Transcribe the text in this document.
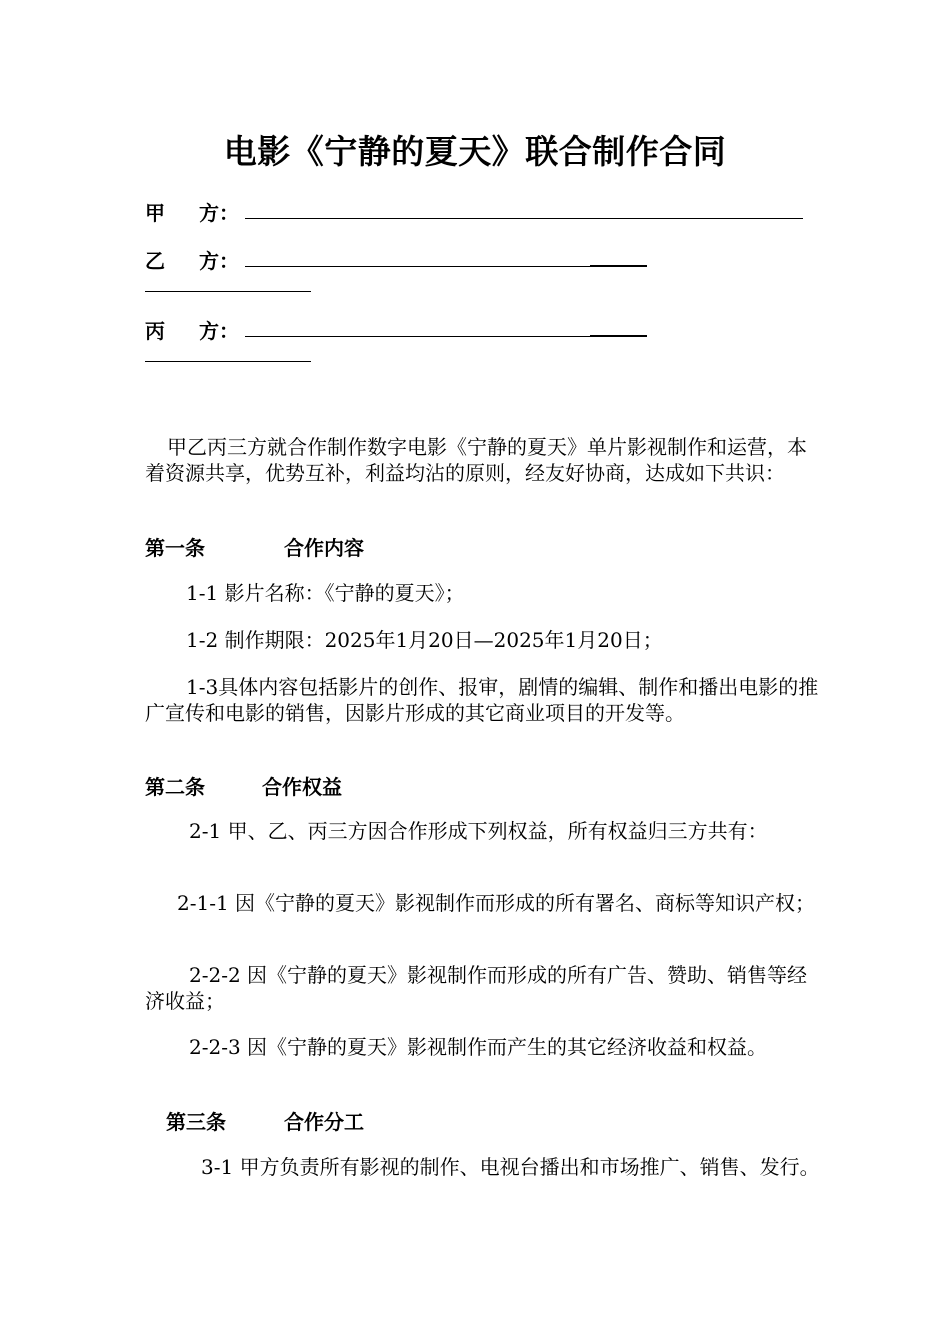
电影《宁静的夏天》联合制作合同
甲 方：
乙 方：
丙 方：
甲乙丙三方就合作制作数字电影《宁静的夏天》单片影视制作和运营，本着资源共享，优势互补，利益均沾的原则，经友好协商，达成如下共识：
第一条	合作内容
1-1 影片名称：《宁静的夏天》；
1-2 制作期限：2025年1月20日—2025年1月20日；
1-3具体内容包括影片的创作、报审，剧情的编辑、制作和播出电影的推广宣传和电影的销售，因影片形成的其它商业项目的开发等。
第二条	合作权益
2-1 甲、乙、丙三方因合作形成下列权益，所有权益归三方共有：
2-1-1 因《宁静的夏天》影视制作而形成的所有署名、商标等知识产权；
2-2-2 因《宁静的夏天》影视制作而形成的所有广告、赞助、销售等经济收益；
2-2-3 因《宁静的夏天》影视制作而产生的其它经济收益和权益。
第三条	合作分工
3-1 甲方负责所有影视的制作、电视台播出和市场推广、销售、发行。
